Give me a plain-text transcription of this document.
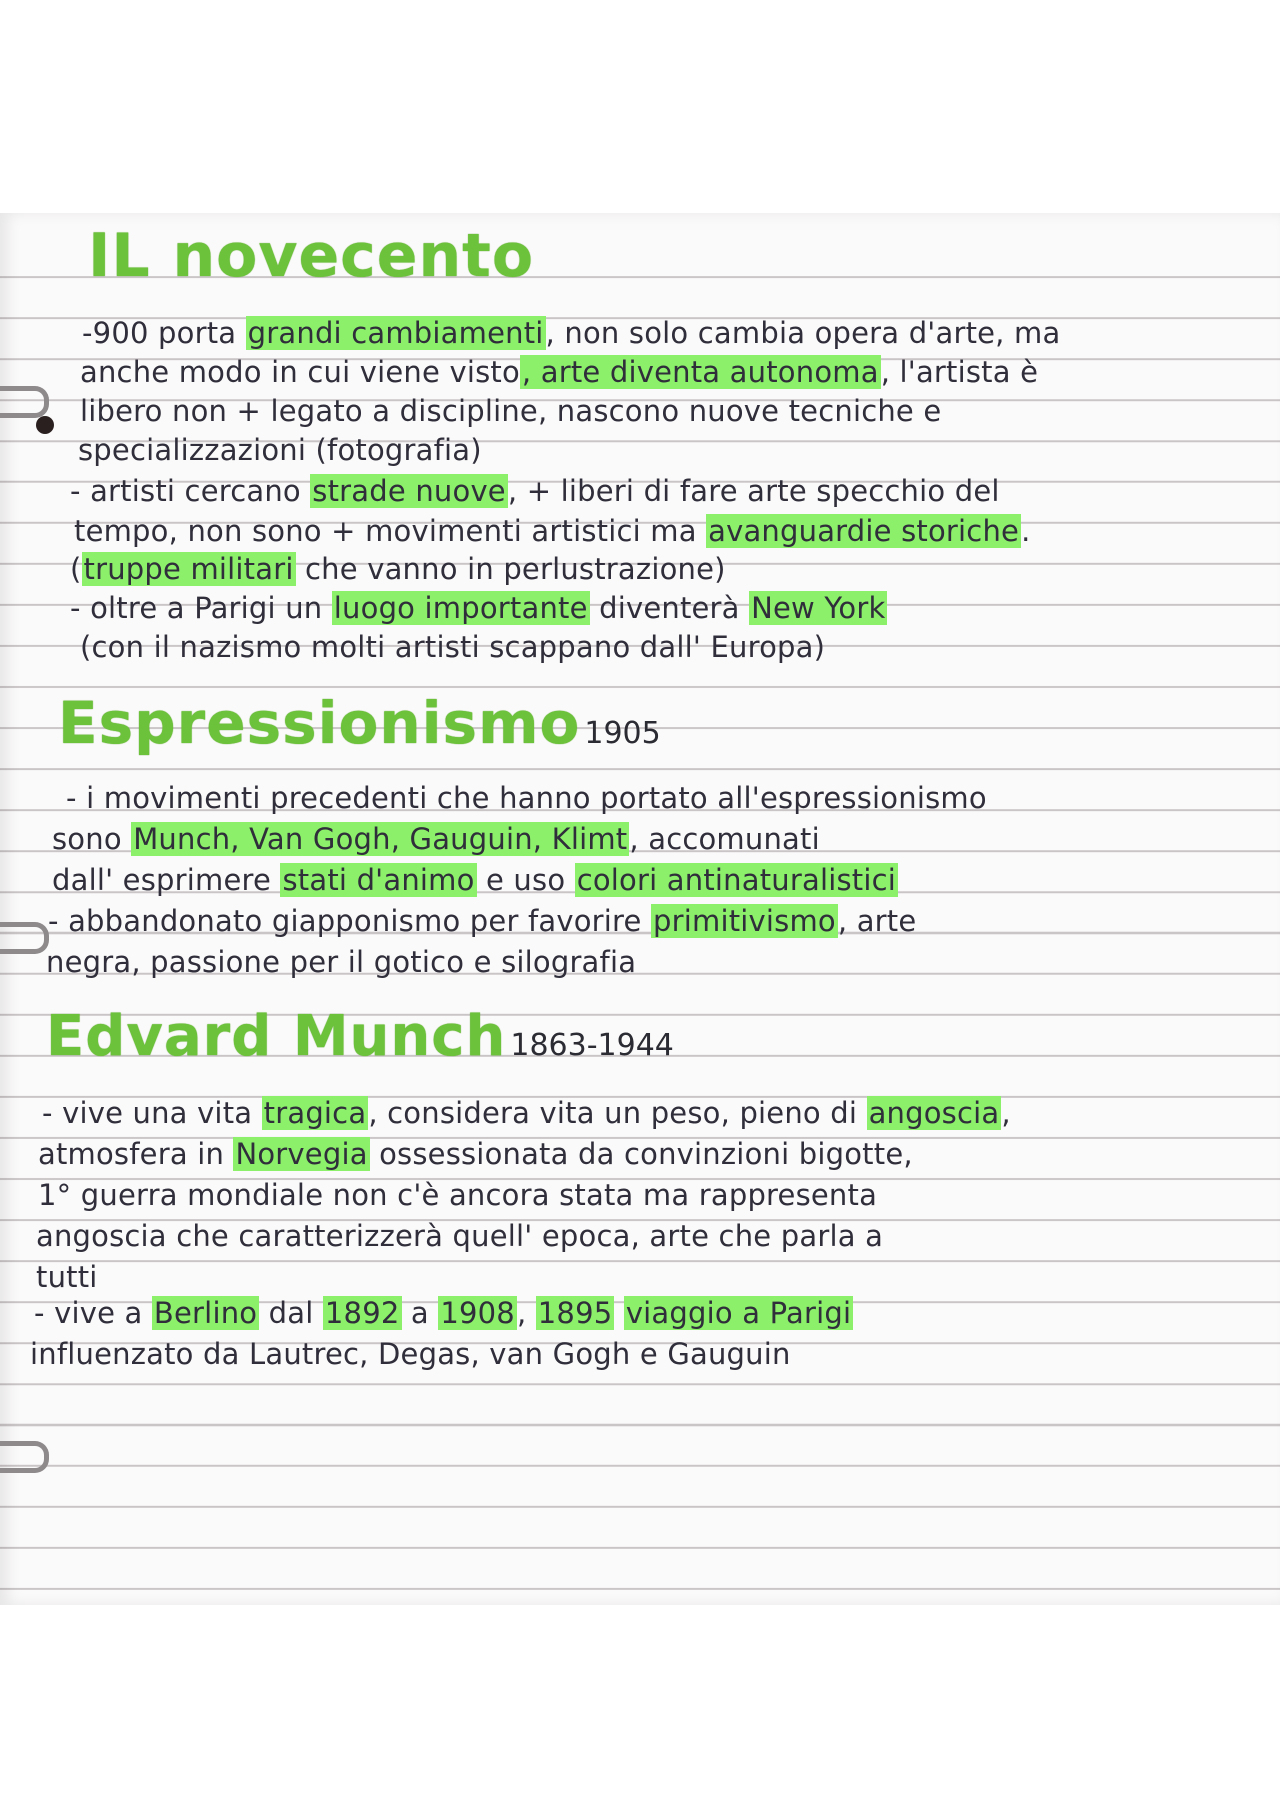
IL novecento
-900 porta grandi cambiamenti, non solo cambia opera d'arte, ma
anche modo in cui viene visto, arte diventa autonoma, l'artista è
libero non + legato a discipline, nascono nuove tecniche e
specializzazioni (fotografia)
- artisti cercano strade nuove, + liberi di fare arte specchio del
tempo, non sono + movimenti artistici ma avanguardie storiche.
(truppe militari che vanno in perlustrazione)
- oltre a Parigi un luogo importante diventerà New York
(con il nazismo molti artisti scappano dall' Europa)
Espressionismo 1905
- i movimenti precedenti che hanno portato all'espressionismo
sono Munch, Van Gogh, Gauguin, Klimt, accomunati
dall' esprimere stati d'animo e uso colori antinaturalistici
- abbandonato giapponismo per favorire primitivismo, arte
negra, passione per il gotico e silografia
Edvard Munch 1863-1944
- vive una vita tragica, considera vita un peso, pieno di angoscia,
atmosfera in Norvegia ossessionata da convinzioni bigotte,
1° guerra mondiale non c'è ancora stata ma rappresenta
angoscia che caratterizzerà quell' epoca, arte che parla a
tutti
- vive a Berlino dal 1892 a 1908, 1895 viaggio a Parigi
influenzato da Lautrec, Degas, van Gogh e Gauguin
